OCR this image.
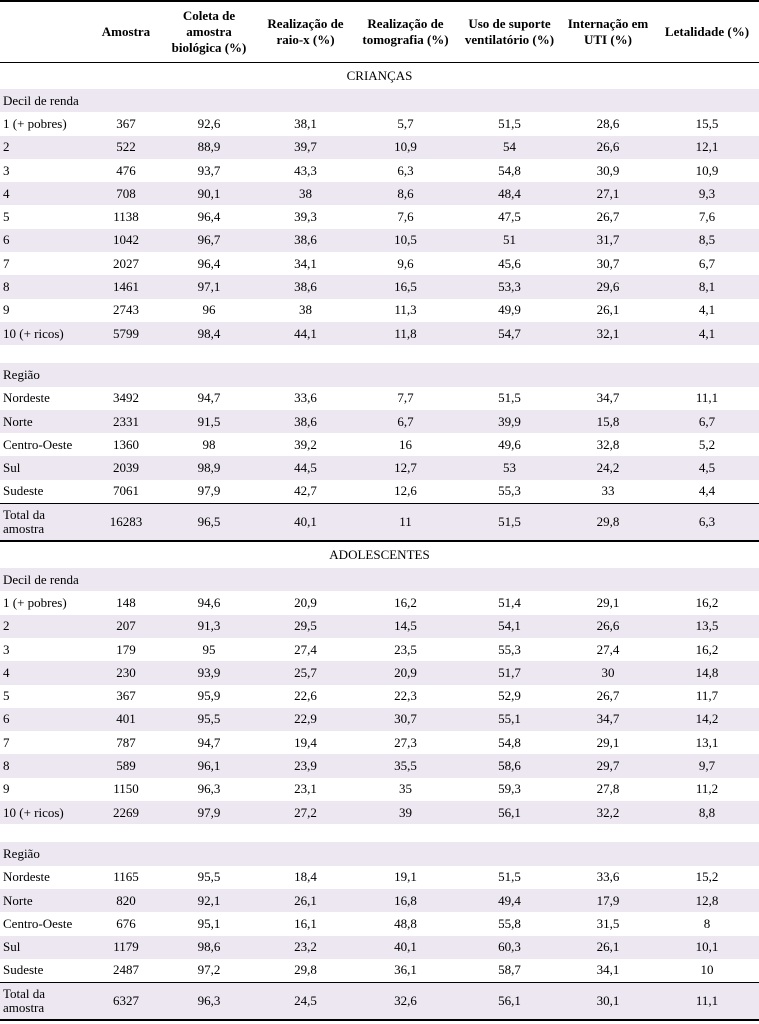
	Amostra	Coleta de amostra biológica (%)	Realização de raio-x (%)	Realização de tomografia (%)	Uso de suporte ventilatório (%)	Internação em UTI (%)	Letalidade (%)
CRIANÇAS							
Decil de renda							
1 (+ pobres)	367	92,6	38,1	5,7	51,5	28,6	15,5
2	522	88,9	39,7	10,9	54	26,6	12,1
3	476	93,7	43,3	6,3	54,8	30,9	10,9
4	708	90,1	38	8,6	48,4	27,1	9,3
5	1138	96,4	39,3	7,6	47,5	26,7	7,6
6	1042	96,7	38,6	10,5	51	31,7	8,5
7	2027	96,4	34,1	9,6	45,6	30,7	6,7
8	1461	97,1	38,6	16,5	53,3	29,6	8,1
9	2743	96	38	11,3	49,9	26,1	4,1
10 (+ ricos)	5799	98,4	44,1	11,8	54,7	32,1	4,1

Região							
Nordeste	3492	94,7	33,6	7,7	51,5	34,7	11,1
Norte	2331	91,5	38,6	6,7	39,9	15,8	6,7
Centro-Oeste	1360	98	39,2	16	49,6	32,8	5,2
Sul	2039	98,9	44,5	12,7	53	24,2	4,5
Sudeste	7061	97,9	42,7	12,6	55,3	33	4,4
Total da amostra	16283	96,5	40,1	11	51,5	29,8	6,3
ADOLESCENTES							
Decil de renda							
1 (+ pobres)	148	94,6	20,9	16,2	51,4	29,1	16,2
2	207	91,3	29,5	14,5	54,1	26,6	13,5
3	179	95	27,4	23,5	55,3	27,4	16,2
4	230	93,9	25,7	20,9	51,7	30	14,8
5	367	95,9	22,6	22,3	52,9	26,7	11,7
6	401	95,5	22,9	30,7	55,1	34,7	14,2
7	787	94,7	19,4	27,3	54,8	29,1	13,1
8	589	96,1	23,9	35,5	58,6	29,7	9,7
9	1150	96,3	23,1	35	59,3	27,8	11,2
10 (+ ricos)	2269	97,9	27,2	39	56,1	32,2	8,8

Região							
Nordeste	1165	95,5	18,4	19,1	51,5	33,6	15,2
Norte	820	92,1	26,1	16,8	49,4	17,9	12,8
Centro-Oeste	676	95,1	16,1	48,8	55,8	31,5	8
Sul	1179	98,6	23,2	40,1	60,3	26,1	10,1
Sudeste	2487	97,2	29,8	36,1	58,7	34,1	10
Total da amostra	6327	96,3	24,5	32,6	56,1	30,1	11,1
